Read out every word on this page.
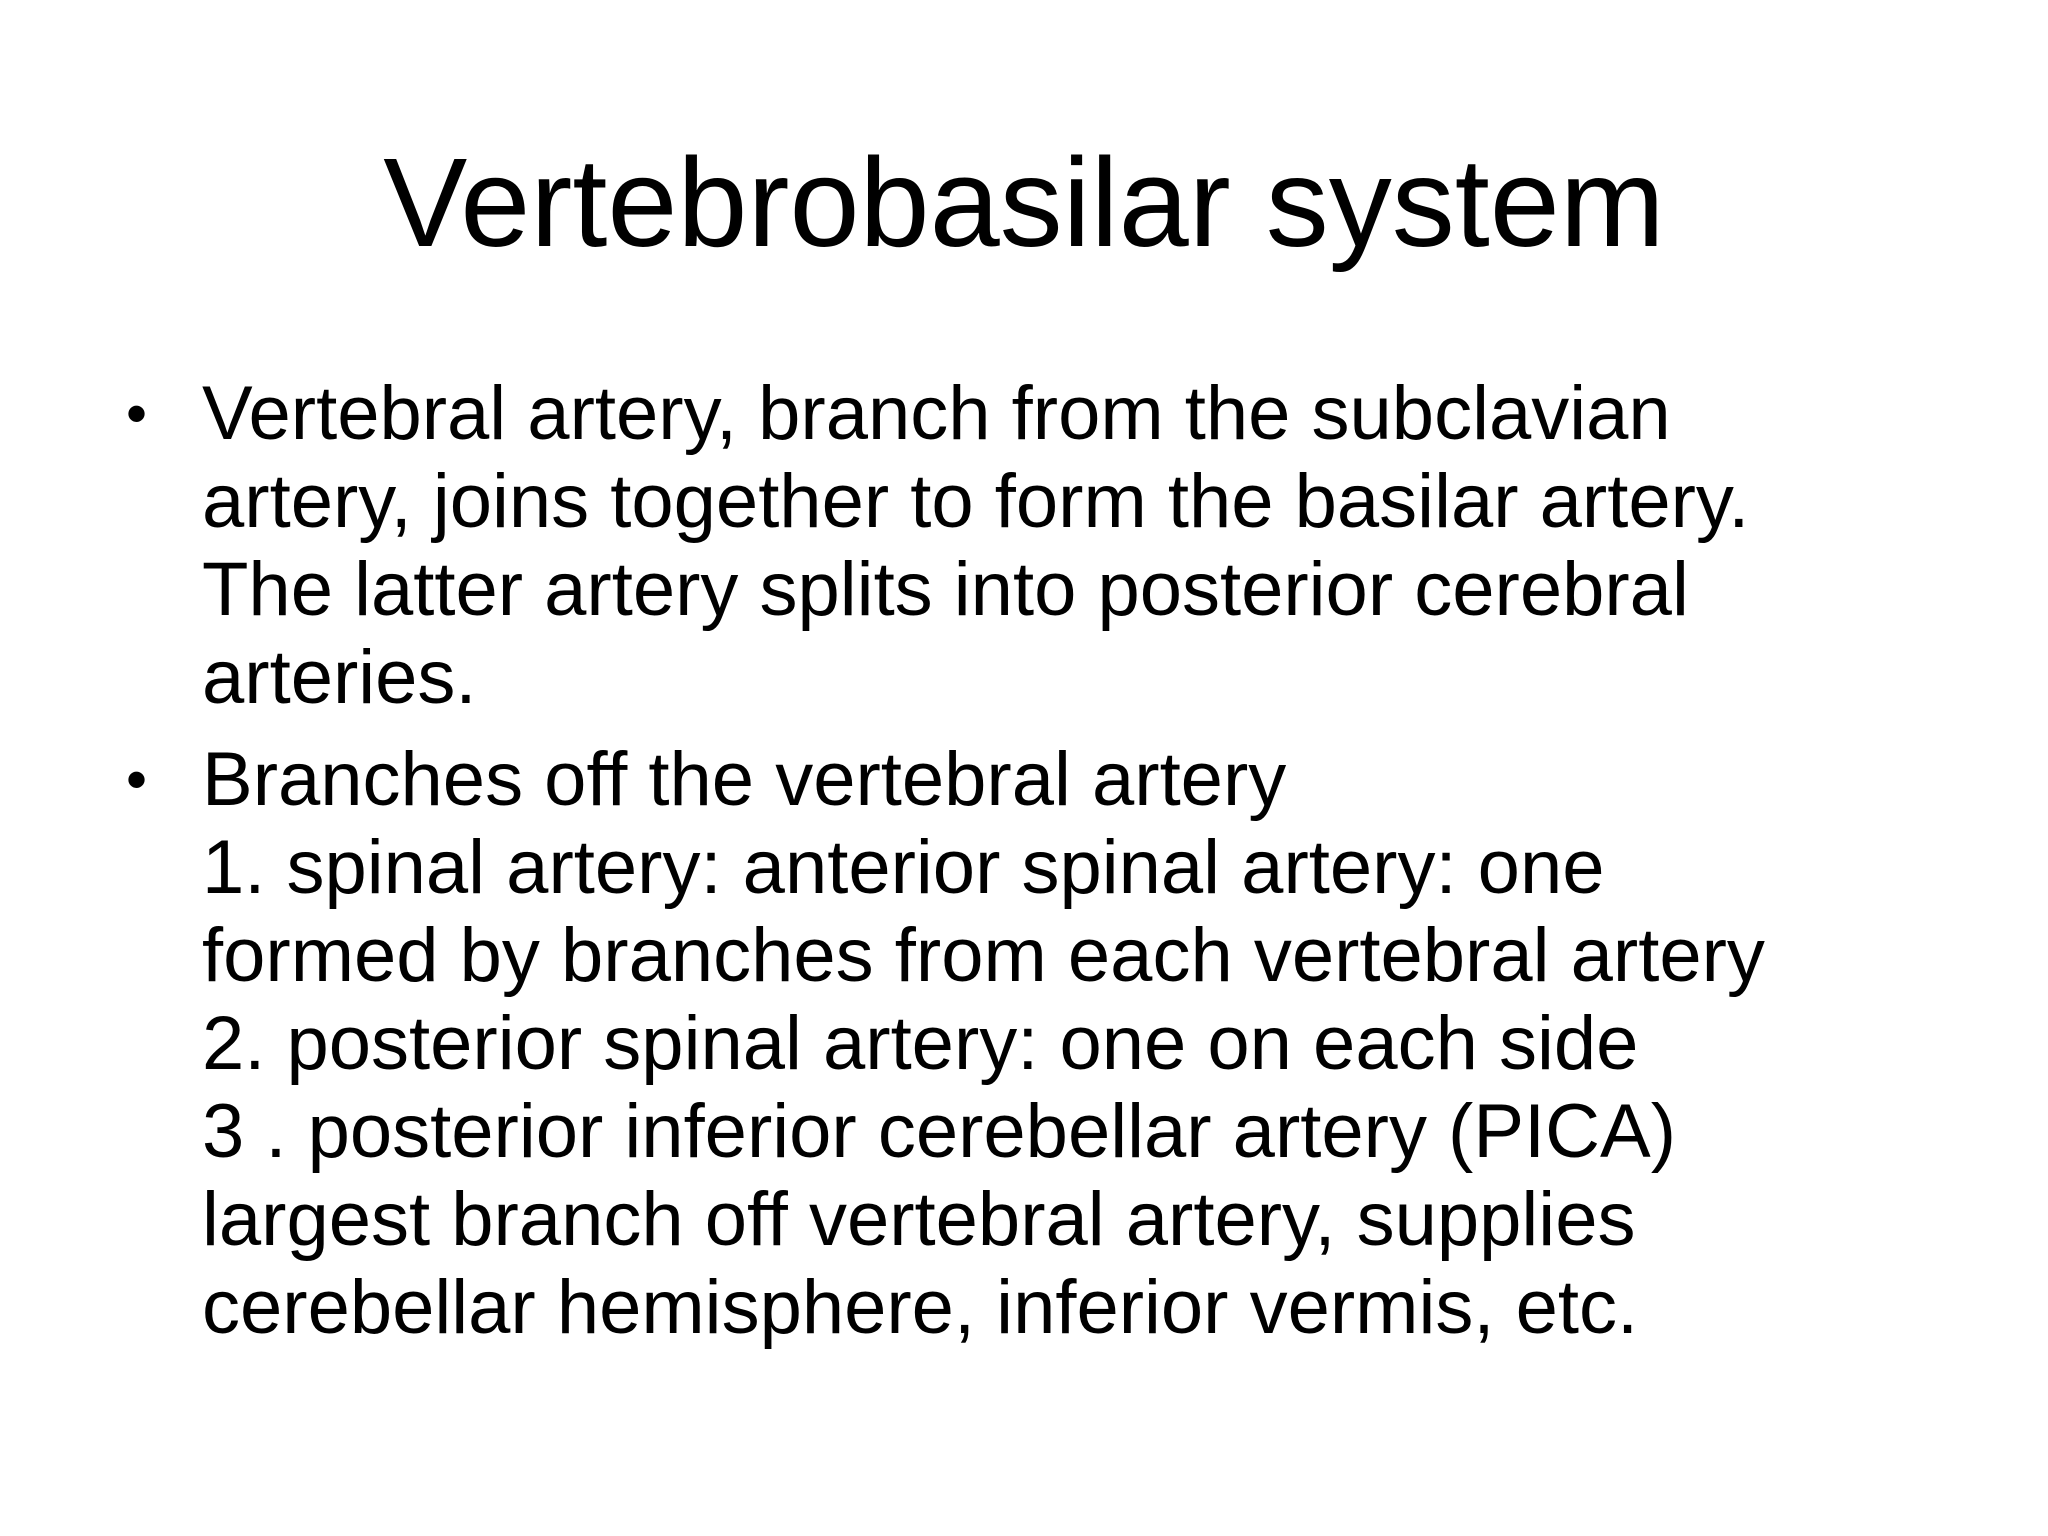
Vertebrobasilar system
• Vertebral artery, branch from the subclavian
artery, joins together to form the basilar artery.
The latter artery splits into posterior cerebral
arteries.
• Branches off the vertebral artery
1. spinal artery: anterior spinal artery: one
formed by branches from each vertebral artery
2. posterior spinal artery: one on each side
3 . posterior inferior cerebellar artery (PICA)
largest branch off vertebral artery, supplies
cerebellar hemisphere, inferior vermis, etc.
